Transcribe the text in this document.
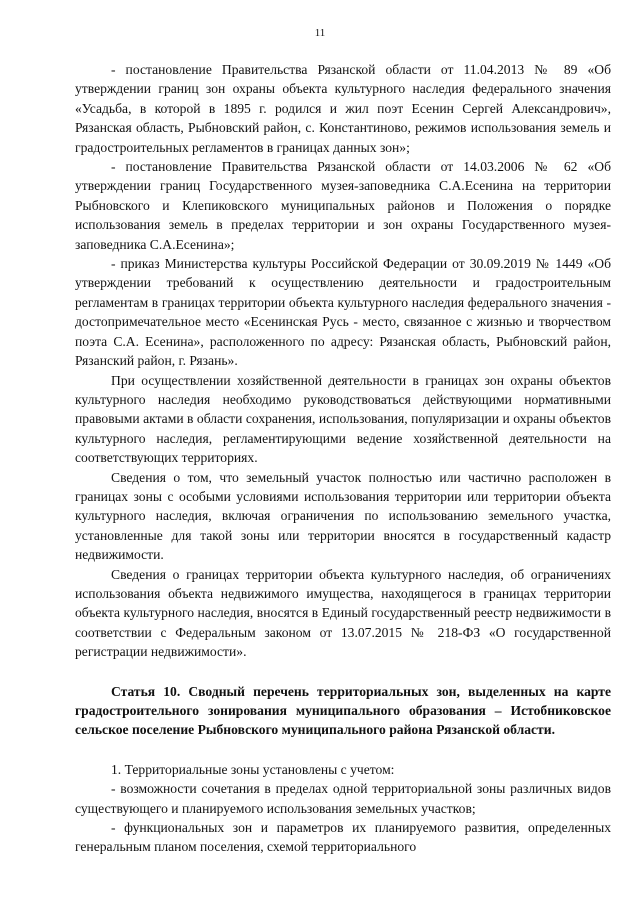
11

- постановление Правительства Рязанской области от 11.04.2013 № 89 «Об утверждении границ зон охраны объекта культурного наследия федерального значения «Усадьба, в которой в 1895 г. родился и жил поэт Есенин Сергей Александрович», Рязанская область, Рыбновский район, с. Константиново, режимов использования земель и градостроительных регламентов в границах данных зон»;

- постановление Правительства Рязанской области от 14.03.2006 № 62 «Об утверждении границ Государственного музея-заповедника С.А.Есенина на территории Рыбновского и Клепиковского муниципальных районов и Положения о порядке использования земель в пределах территории и зон охраны Государственного музея-заповедника С.А.Есенина»;

- приказ Министерства культуры Российской Федерации от 30.09.2019 № 1449 «Об утверждении требований к осуществлению деятельности и градостроительным регламентам в границах территории объекта культурного наследия федерального значения - достопримечательное место «Есенинская Русь - место, связанное с жизнью и творчеством поэта С.А. Есенина», расположенного по адресу: Рязанская область, Рыбновский район, Рязанский район, г. Рязань».

При осуществлении хозяйственной деятельности в границах зон охраны объектов культурного наследия необходимо руководствоваться действующими нормативными правовыми актами в области сохранения, использования, популяризации и охраны объектов культурного наследия, регламентирующими ведение хозяйственной деятельности на соответствующих территориях.

Сведения о том, что земельный участок полностью или частично расположен в границах зоны с особыми условиями использования территории или территории объекта культурного наследия, включая ограничения по использованию земельного участка, установленные для такой зоны или территории вносятся в государственный кадастр недвижимости.

Сведения о границах территории объекта культурного наследия, об ограничениях использования объекта недвижимого имущества, находящегося в границах территории объекта культурного наследия, вносятся в Единый государственный реестр недвижимости в соответствии с Федеральным законом от 13.07.2015 № 218-ФЗ «О государственной регистрации недвижимости».

Статья 10. Сводный перечень территориальных зон, выделенных на карте градостроительного зонирования муниципального образования – Истобниковское сельское поселение Рыбновского муниципального района Рязанской области.

1. Территориальные зоны установлены с учетом:

- возможности сочетания в пределах одной территориальной зоны различных видов существующего и планируемого использования земельных участков;

- функциональных зон и параметров их планируемого развития, определенных генеральным планом поселения, схемой территориального
